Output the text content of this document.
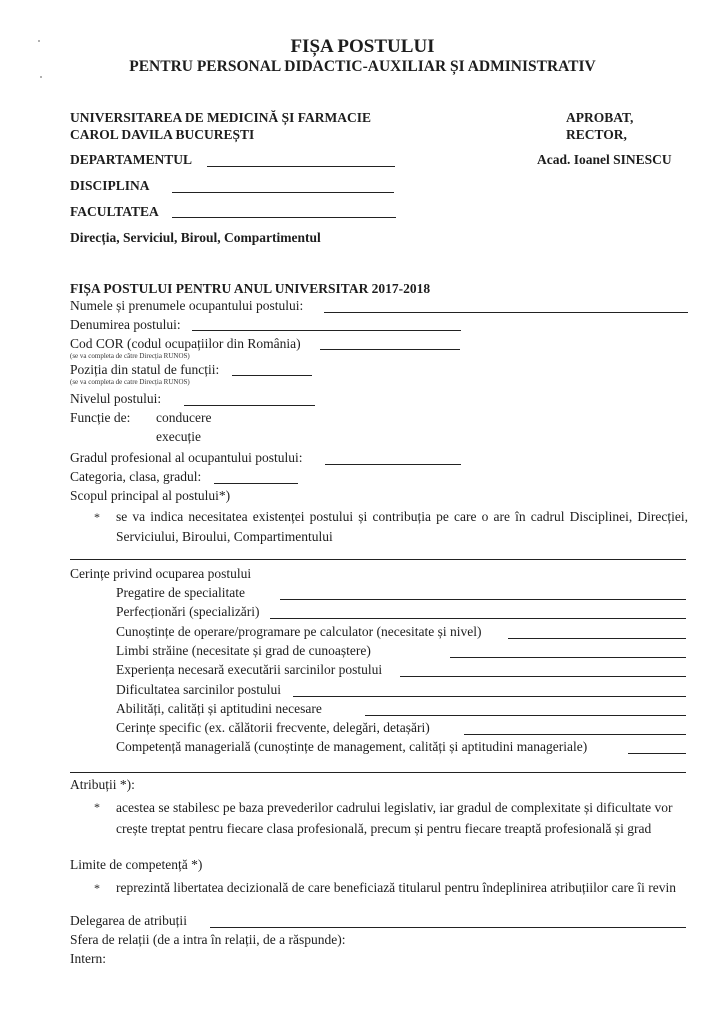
FIȘA POSTULUI
PENTRU PERSONAL DIDACTIC-AUXILIAR ȘI ADMINISTRATIV
UNIVERSITAREA DE MEDICINĂ ȘI FARMACIE
CAROL DAVILA BUCUREȘTI
APROBAT,
RECTOR,
Acad. Ioanel SINESCU
DEPARTAMENTUL
DISCIPLINA
FACULTATEA
Direcția, Serviciul, Biroul, Compartimentul
FIȘA POSTULUI PENTRU ANUL UNIVERSITAR 2017-2018
Numele și prenumele ocupantului postului:
Denumirea postului:
Cod COR (codul ocupațiilor din România)
(se va completa de către Direcția RUNOS)
Poziția din statul de funcții:
(se va completa de catre Direcția RUNOS)
Nivelul postului:
Funcție de: conducere
execuție
Gradul profesional al ocupantului postului:
Categoria, clasa, gradul:
Scopul principal al postului*)
* se va indica necesitatea existenței postului și contribuția pe care o are în cadrul Disciplinei, Direcției, Serviciului, Biroului, Compartimentului
Cerințe privind ocuparea postului
Pregatire de specialitate
Perfecționări (specializări)
Cunoștințe de operare/programare pe calculator (necesitate și nivel)
Limbi străine (necesitate și grad de cunoaștere)
Experiența necesară executării sarcinilor postului
Dificultatea sarcinilor postului
Abilități, calități și aptitudini necesare
Cerințe specific (ex. călătorii frecvente, delegări, detașări)
Competență managerială (cunoștințe de management, calități și aptitudini manageriale)
Atribuții *):
* acestea se stabilesc pe baza prevederilor cadrului legislativ, iar gradul de complexitate și dificultate vor crește treptat pentru fiecare clasa profesională, precum și pentru fiecare treaptă profesională și grad
Limite de competență *)
* reprezintă libertatea decizională de care beneficiază titularul pentru îndeplinirea atribuțiilor care îi revin
Delegarea de atribuții
Sfera de relații (de a intra în relații, de a răspunde):
Intern:
